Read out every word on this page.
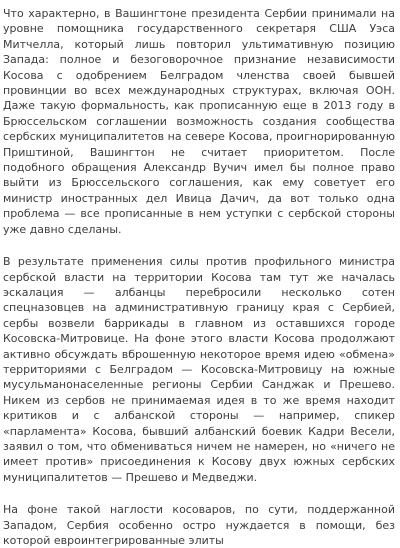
Что характерно, в Вашингтоне президента Сербии принимали на уровне помощника государственного секретаря США Уэса Митчелла, который лишь повторил ультимативную позицию Запада: полное и безоговорочное признание независимости Косова с одобрением Белградом членства своей бывшей провинции во всех международных структурах, включая ООН. Даже такую формальность, как прописанную еще в 2013 году в Брюссельском соглашении возможность создания сообщества сербских муниципалитетов на севере Косова, проигнорированную Приштиной, Вашингтон не считает приоритетом. После подобного обращения Александр Вучич имел бы полное право выйти из Брюссельского соглашения, как ему советует его министр иностранных дел Ивица Дачич, да вот только одна проблема — все прописанные в нем уступки с сербской стороны уже давно сделаны.

В результате применения силы против профильного министра сербской власти на территории Косова там тут же началась эскалация — албанцы перебросили несколько сотен спецназовцев на административную границу края с Сербией, сербы возвели баррикады в главном из оставшихся городе Косовска-Митровице. На фоне этого власти Косова продолжают активно обсуждать вброшенную некоторое время идею «обмена» территориями с Белградом — Косовска-Митровицу на южные мусульманонаселенные регионы Сербии Санджак и Прешево. Никем из сербов не принимаемая идея в то же время находит критиков и с албанской стороны — например, спикер «парламента» Косова, бывший албанский боевик Кадри Весели, заявил о том, что обмениваться ничем не намерен, но «ничего не имеет против» присоединения к Косову двух южных сербских муниципалитетов — Прешево и Медведжи.

На фоне такой наглости косоваров, по сути, поддержанной Западом, Сербия особенно остро нуждается в помощи, без которой евроинтегрированные элиты
